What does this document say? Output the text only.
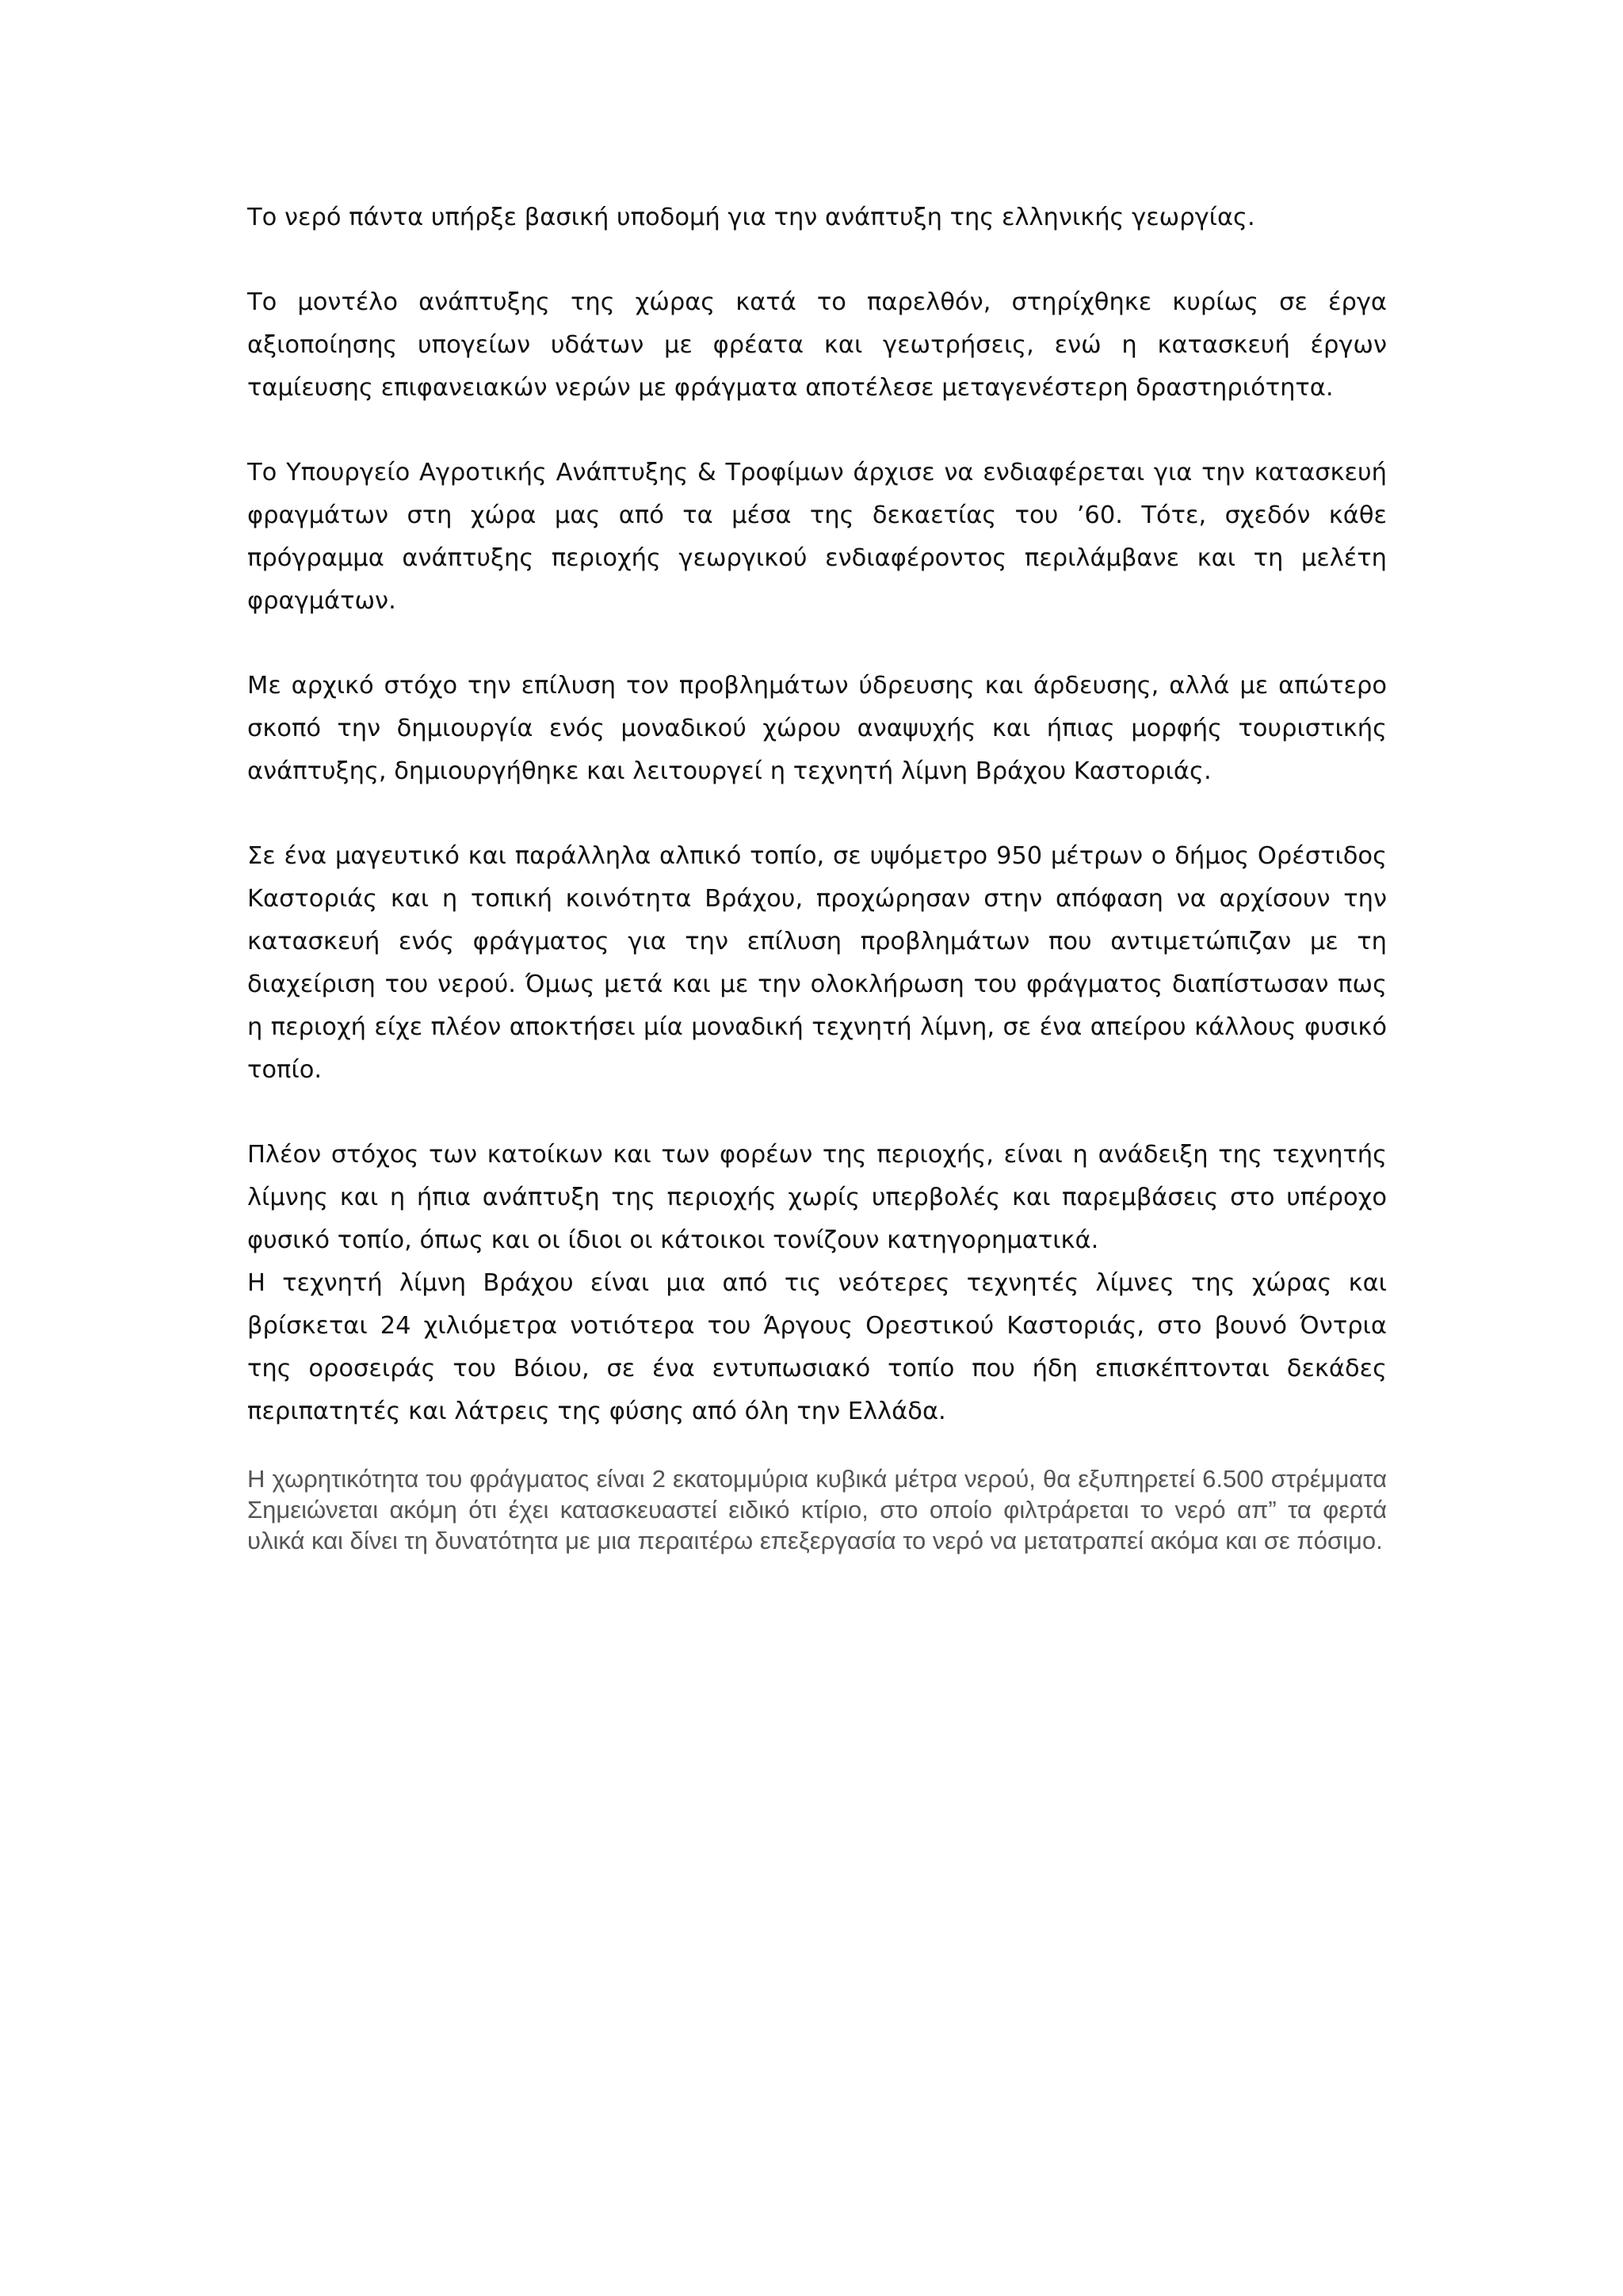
Το νερό πάντα υπήρξε βασική υποδομή για την ανάπτυξη της ελληνικής γεωργίας.

Το μοντέλο ανάπτυξης της χώρας κατά το παρελθόν, στηρίχθηκε κυρίως σε έργα αξιοποίησης υπογείων υδάτων με φρέατα και γεωτρήσεις, ενώ η κατασκευή έργων ταμίευσης επιφανειακών νερών με φράγματα αποτέλεσε μεταγενέστερη δραστηριότητα.

Το Υπουργείο Αγροτικής Ανάπτυξης & Τροφίμων άρχισε να ενδιαφέρεται για την κατασκευή φραγμάτων στη χώρα μας από τα μέσα της δεκαετίας του ’60. Τότε, σχεδόν κάθε πρόγραμμα ανάπτυξης περιοχής γεωργικού ενδιαφέροντος περιλάμβανε και τη μελέτη φραγμάτων.

Με αρχικό στόχο την επίλυση τον προβλημάτων ύδρευσης και άρδευσης, αλλά με απώτερο σκοπό την δημιουργία ενός μοναδικού χώρου αναψυχής και ήπιας μορφής τουριστικής ανάπτυξης, δημιουργήθηκε και λειτουργεί η τεχνητή λίμνη Βράχου Καστοριάς.

Σε ένα μαγευτικό και παράλληλα αλπικό τοπίο, σε υψόμετρο 950 μέτρων ο δήμος Ορέστιδος Καστοριάς και η τοπική κοινότητα Βράχου, προχώρησαν στην απόφαση να αρχίσουν την κατασκευή ενός φράγματος για την επίλυση προβλημάτων που αντιμετώπιζαν με τη διαχείριση του νερού. Όμως μετά και με την ολοκλήρωση του φράγματος διαπίστωσαν πως η περιοχή είχε πλέον αποκτήσει μία μοναδική τεχνητή λίμνη, σε ένα απείρου κάλλους φυσικό τοπίο.

Πλέον στόχος των κατοίκων και των φορέων της περιοχής, είναι η ανάδειξη της τεχνητής λίμνης και η ήπια ανάπτυξη της περιοχής χωρίς υπερβολές και παρεμβάσεις στο υπέροχο φυσικό τοπίο, όπως και οι ίδιοι οι κάτοικοι τονίζουν κατηγορηματικά.

Η τεχνητή λίμνη Βράχου είναι μια από τις νεότερες τεχνητές λίμνες της χώρας και βρίσκεται 24 χιλιόμετρα νοτιότερα του Άργους Ορεστικού Καστοριάς, στο βουνό Όντρια της οροσειράς του Βόιου, σε ένα εντυπωσιακό τοπίο που ήδη επισκέπτονται δεκάδες περιπατητές και λάτρεις της φύσης από όλη την Ελλάδα.

Η χωρητικότητα του φράγματος είναι 2 εκατομμύρια κυβικά μέτρα νερού, θα εξυπηρετεί 6.500 στρέμματα Σημειώνεται ακόμη ότι έχει κατασκευαστεί ειδικό κτίριο, στο οποίο φιλτράρεται το νερό απ” τα φερτά υλικά και δίνει τη δυνατότητα με μια περαιτέρω επεξεργασία το νερό να μετατραπεί ακόμα και σε πόσιμο.
